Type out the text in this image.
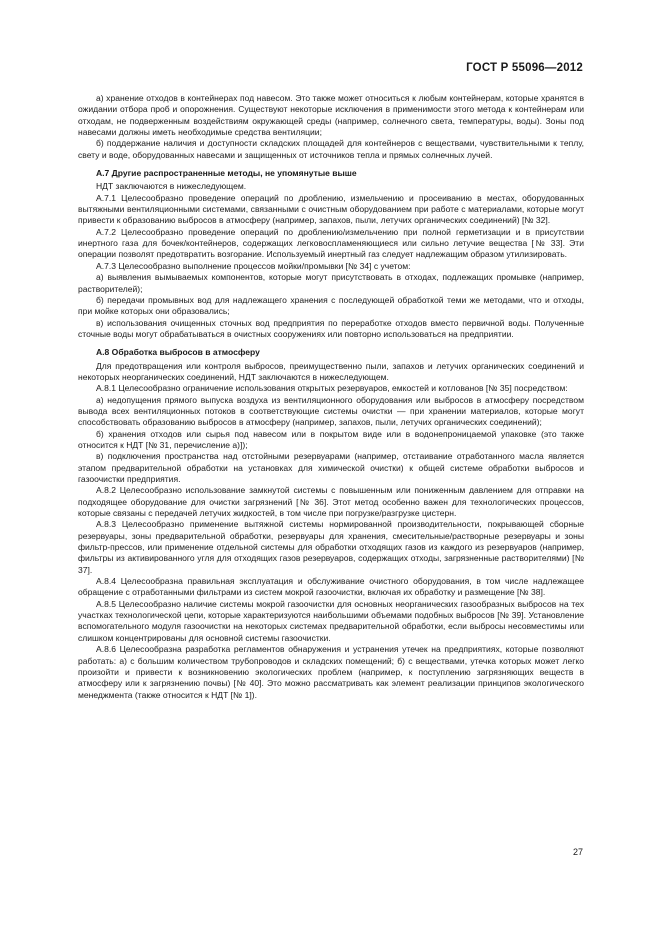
ГОСТ Р 55096—2012

а) хранение отходов в контейнерах под навесом. Это также может относиться к любым контейнерам, которые хранятся в ожидании отбора проб и опорожнения. Существуют некоторые исключения в применимости этого метода к контейнерам или отходам, не подверженным воздействиям окружающей среды (например, солнечного света, температуры, воды). Зоны под навесами должны иметь необходимые средства вентиляции;

б) поддержание наличия и доступности складских площадей для контейнеров с веществами, чувствительными к теплу, свету и воде, оборудованных навесами и защищенных от источников тепла и прямых солнечных лучей.

А.7 Другие распространенные методы, не упомянутые выше

НДТ заключаются в нижеследующем.

А.7.1 Целесообразно проведение операций по дроблению, измельчению и просеиванию в местах, оборудованных вытяжными вентиляционными системами, связанными с очистным оборудованием при работе с материалами, которые могут привести к образованию выбросов в атмосферу (например, запахов, пыли, летучих органических соединений) [№ 32].

А.7.2 Целесообразно проведение операций по дроблению/измельчению при полной герметизации и в присутствии инертного газа для бочек/контейнеров, содержащих легковоспламеняющиеся или сильно летучие вещества [№ 33]. Эти операции позволят предотвратить возгорание. Используемый инертный газ следует надлежащим образом утилизировать.

А.7.3 Целесообразно выполнение процессов мойки/промывки [№ 34] с учетом:

а) выявления вымываемых компонентов, которые могут присутствовать в отходах, подлежащих промывке (например, растворителей);

б) передачи промывных вод для надлежащего хранения с последующей обработкой теми же методами, что и отходы, при мойке которых они образовались;

в) использования очищенных сточных вод предприятия по переработке отходов вместо первичной воды. Полученные сточные воды могут обрабатываться в очистных сооружениях или повторно использоваться на предприятии.

А.8 Обработка выбросов в атмосферу

Для предотвращения или контроля выбросов, преимущественно пыли, запахов и летучих органических соединений и некоторых неорганических соединений, НДТ заключаются в нижеследующем.

А.8.1 Целесообразно ограничение использования открытых резервуаров, емкостей и котлованов [№ 35] посредством:

а) недопущения прямого выпуска воздуха из вентиляционного оборудования или выбросов в атмосферу посредством вывода всех вентиляционных потоков в соответствующие системы очистки — при хранении материалов, которые могут способствовать образованию выбросов в атмосферу (например, запахов, пыли, летучих органических соединений);

б) хранения отходов или сырья под навесом или в покрытом виде или в водонепроницаемой упаковке (это также относится к НДТ [№ 31, перечисление а)]);

в) подключения пространства над отстойными резервуарами (например, отстаивание отработанного масла является этапом предварительной обработки на установках для химической очистки) к общей системе обработки выбросов и газоочистки предприятия.

А.8.2 Целесообразно использование замкнутой системы с повышенным или пониженным давлением для отправки на подходящее оборудование для очистки загрязнений [№ 36]. Этот метод особенно важен для технологических процессов, которые связаны с передачей летучих жидкостей, в том числе при погрузке/разгрузке цистерн.

А.8.3 Целесообразно применение вытяжной системы нормированной производительности, покрывающей сборные резервуары, зоны предварительной обработки, резервуары для хранения, смесительные/растворные резервуары и зоны фильтр-прессов, или применение отдельной системы для обработки отходящих газов из каждого из резервуаров (например, фильтры из активированного угля для отходящих газов резервуаров, содержащих отходы, загрязненные растворителями) [№ 37].

А.8.4 Целесообразна правильная эксплуатация и обслуживание очистного оборудования, в том числе надлежащее обращение с отработанными фильтрами из систем мокрой газоочистки, включая их обработку и размещение [№ 38].

А.8.5 Целесообразно наличие системы мокрой газоочистки для основных неорганических газообразных выбросов на тех участках технологической цепи, которые характеризуются наибольшими объемами подобных выбросов [№ 39]. Установление вспомогательного модуля газоочистки на некоторых системах предварительной обработки, если выбросы несовместимы или слишком концентрированы для основной системы газоочистки.

А.8.6 Целесообразна разработка регламентов обнаружения и устранения утечек на предприятиях, которые позволяют работать: а) с большим количеством трубопроводов и складских помещений; б) с веществами, утечка которых может легко произойти и привести к возникновению экологических проблем (например, к поступлению загрязняющих веществ в атмосферу или к загрязнению почвы) [№ 40]. Это можно рассматривать как элемент реализации принципов экологического менеджмента (также относится к НДТ [№ 1]).

27
